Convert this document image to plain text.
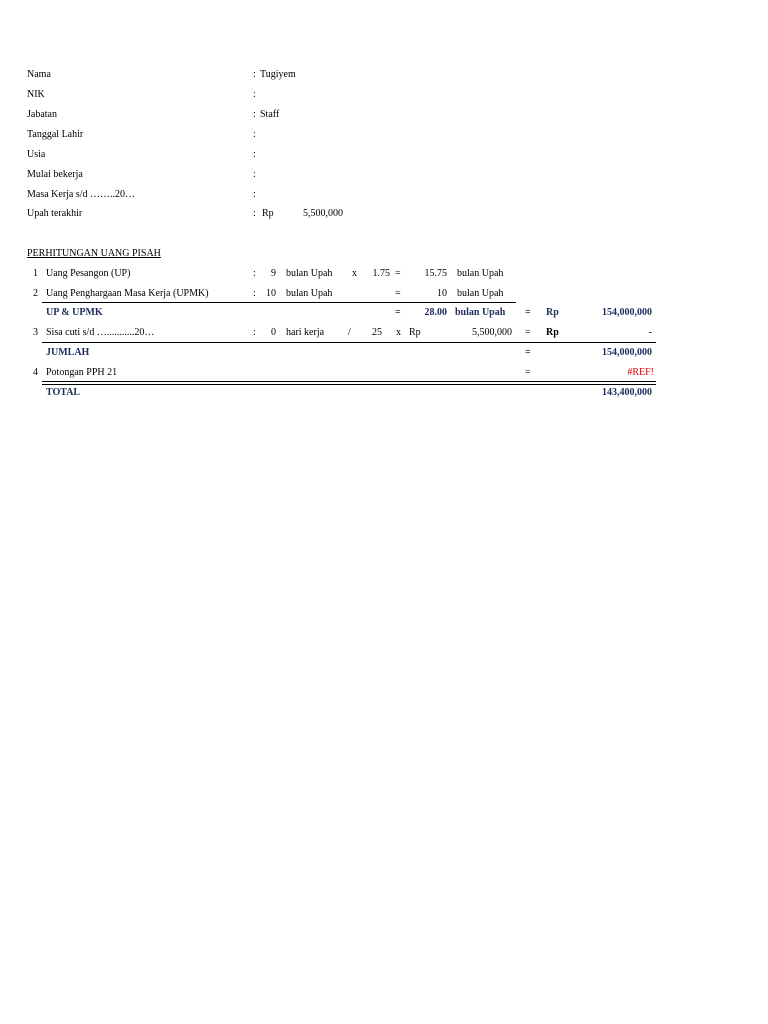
Nama	: Tugiyem
NIK	:
Jabatan	: Staff
Tanggal Lahir	:
Usia	:
Mulai bekerja	:
Masa Kerja s/d ……..20…	:
Upah terakhir	: Rp	5,500,000
PERHITUNGAN UANG PISAH
1 Uang Pesangon (UP)	:	9 bulan Upah x	1.75 =	15.75 bulan Upah
2 Uang Penghargaan Masa Kerja (UPMK)	:	10 bulan Upah	=	10 bulan Upah
UP & UPMK	=	28.00 bulan Upah = Rp	154,000,000
3 Sisa cuti s/d …...........20…	:	0 hari kerja /	25 x Rp	5,500,000 = Rp	-
JUMLAH	=	154,000,000
4 Potongan PPH 21	=	#REF!
TOTAL	143,400,000
